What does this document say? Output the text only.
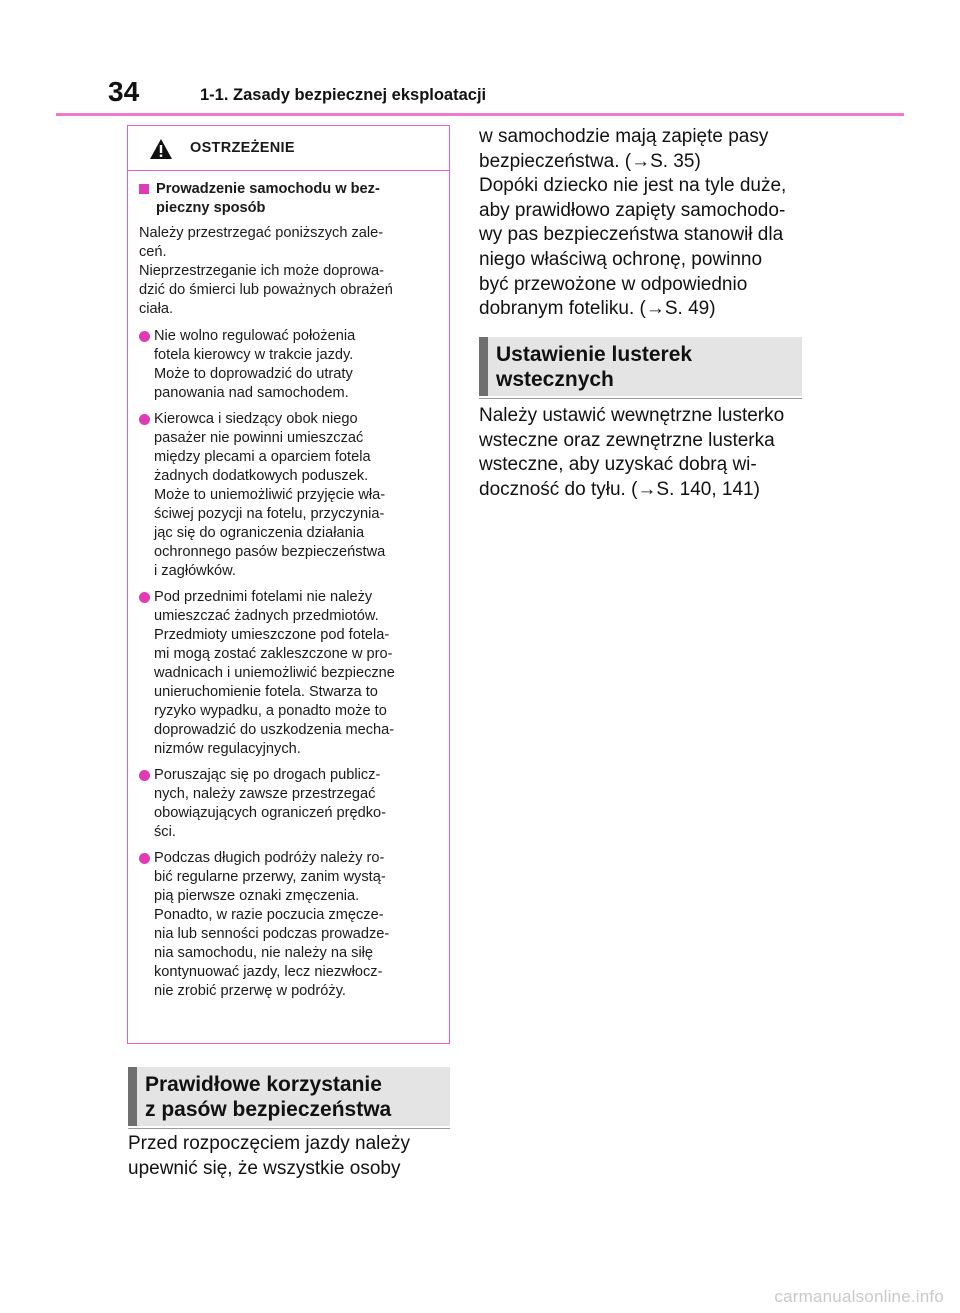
34	1-1. Zasady bezpiecznej eksploatacji
OSTRZEŻENIE
Prowadzenie samochodu w bez-
pieczny sposób
Należy przestrzegać poniższych zale-
ceń.
Nieprzestrzeganie ich może doprowa-
dzić do śmierci lub poważnych obrażeń
ciała.
Nie wolno regulować położenia
fotela kierowcy w trakcie jazdy.
Może to doprowadzić do utraty
panowania nad samochodem.
Kierowca i siedzący obok niego
pasażer nie powinni umieszczać
między plecami a oparciem fotela
żadnych dodatkowych poduszek.
Może to uniemożliwić przyjęcie wła-
ściwej pozycji na fotelu, przyczynia-
jąc się do ograniczenia działania
ochronnego pasów bezpieczeństwa
i zagłówków.
Pod przednimi fotelami nie należy
umieszczać żadnych przedmiotów.
Przedmioty umieszczone pod fotela-
mi mogą zostać zakleszczone w pro-
wadnicach i uniemożliwić bezpieczne
unieruchomienie fotela. Stwarza to
ryzyko wypadku, a ponadto może to
doprowadzić do uszkodzenia mecha-
nizmów regulacyjnych.
Poruszając się po drogach publicz-
nych, należy zawsze przestrzegać
obowiązujących ograniczeń prędko-
ści.
Podczas długich podróży należy ro-
bić regularne przerwy, zanim wystą-
pią pierwsze oznaki zmęczenia.
Ponadto, w razie poczucia zmęcze-
nia lub senności podczas prowadze-
nia samochodu, nie należy na siłę
kontynuować jazdy, lecz niezwłocz-
nie zrobić przerwę w podróży.
Prawidłowe korzystanie
z pasów bezpieczeństwa
Przed rozpoczęciem jazdy należy
upewnić się, że wszystkie osoby
w samochodzie mają zapięte pasy
bezpieczeństwa. (→S. 35)
Dopóki dziecko nie jest na tyle duże,
aby prawidłowo zapięty samochodo-
wy pas bezpieczeństwa stanowił dla
niego właściwą ochronę, powinno
być przewożone w odpowiednio
dobranym foteliku. (→S. 49)
Ustawienie lusterek
wstecznych
Należy ustawić wewnętrzne lusterko
wsteczne oraz zewnętrzne lusterka
wsteczne, aby uzyskać dobrą wi-
doczność do tyłu. (→S. 140, 141)
carmanualsonline.info
